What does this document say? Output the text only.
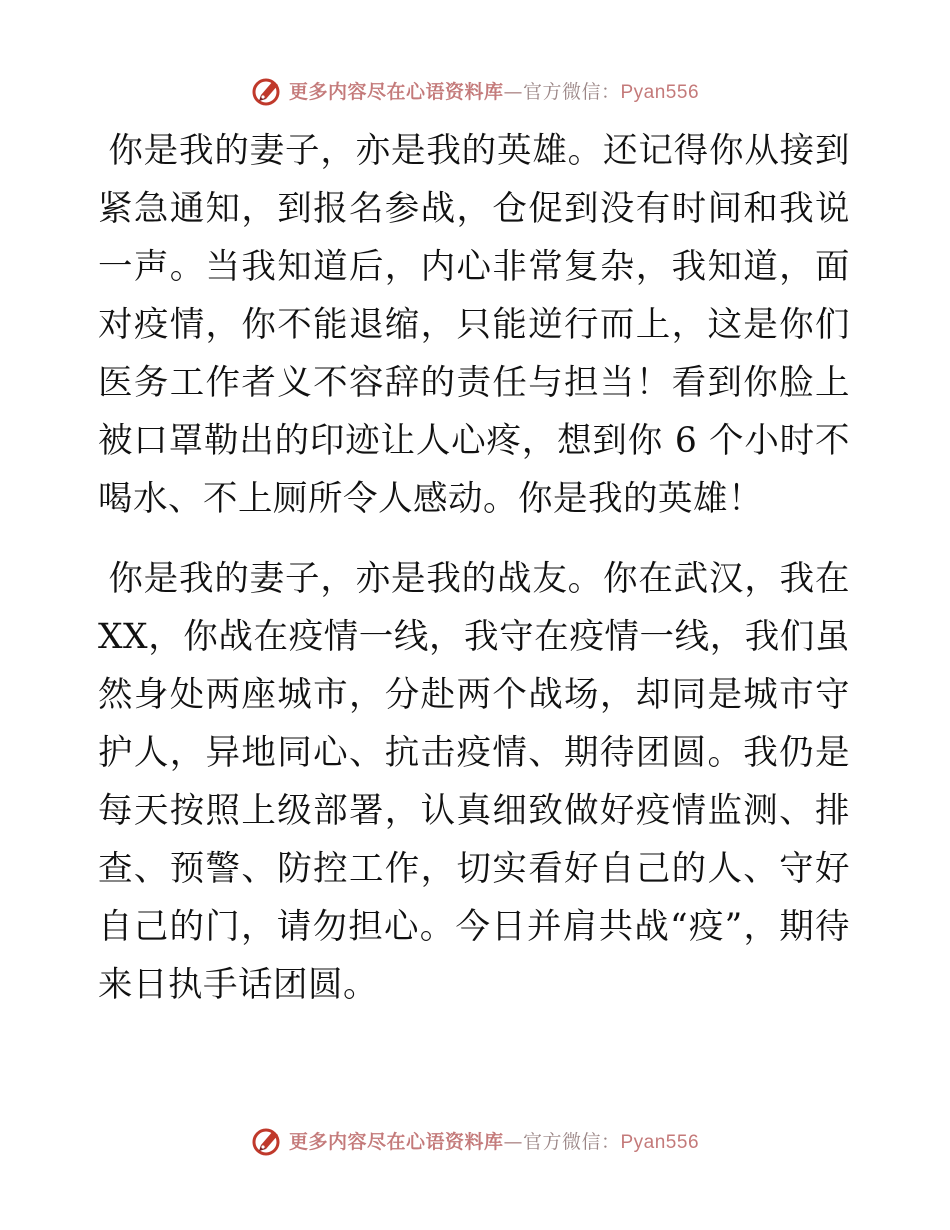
更多内容尽在心语资料库—官方微信：Pyan556

你是我的妻子，亦是我的英雄。还记得你从接到紧急通知，到报名参战，仓促到没有时间和我说一声。当我知道后，内心非常复杂，我知道，面对疫情，你不能退缩，只能逆行而上，这是你们医务工作者义不容辞的责任与担当！看到你脸上被口罩勒出的印迹让人心疼，想到你 6 个小时不喝水、不上厕所令人感动。你是我的英雄！

你是我的妻子，亦是我的战友。你在武汉，我在XX，你战在疫情一线，我守在疫情一线，我们虽然身处两座城市，分赴两个战场，却同是城市守护人，异地同心、抗击疫情、期待团圆。我仍是每天按照上级部署，认真细致做好疫情监测、排查、预警、防控工作，切实看好自己的人、守好自己的门，请勿担心。今日并肩共战“疫”，期待来日执手话团圆。

更多内容尽在心语资料库—官方微信：Pyan556
